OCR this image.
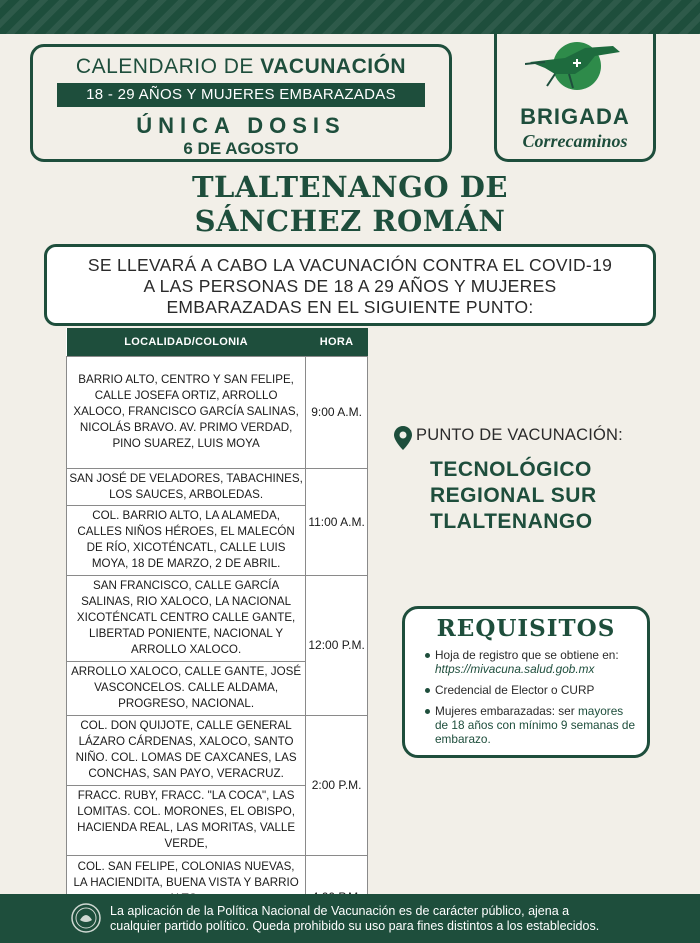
CALENDARIO DE VACUNACIÓN
18 - 29 AÑOS Y MUJERES EMBARAZADAS
ÚNICA DOSIS
6 DE AGOSTO
BRIGADA
Correcaminos
TLALTENANGO DE
SÁNCHEZ ROMÁN
SE LLEVARÁ A CABO LA VACUNACIÓN CONTRA EL COVID-19
A LAS PERSONAS DE 18 A 29 AÑOS Y MUJERES
EMBARAZADAS EN EL SIGUIENTE PUNTO:
LOCALIDAD/COLONIA	HORA
BARRIO ALTO, CENTRO Y SAN FELIPE, CALLE JOSEFA ORTIZ, ARROLLO XALOCO, FRANCISCO GARCÍA SALINAS, NICOLÁS BRAVO. AV. PRIMO VERDAD, PINO SUAREZ, LUIS MOYA	9:00 A.M.
SAN JOSÉ DE VELADORES, TABACHINES, LOS SAUCES, ARBOLEDAS.	11:00 A.M.
COL. BARRIO ALTO, LA ALAMEDA, CALLES NIÑOS HÉROES, EL MALECÓN DE RÍO, XICOTÉNCATL, CALLE LUIS MOYA, 18 DE MARZO, 2 DE ABRIL.	
SAN FRANCISCO, CALLE GARCÍA SALINAS, RIO XALOCO, LA NACIONAL XICOTÉNCATL CENTRO CALLE GANTE, LIBERTAD PONIENTE, NACIONAL Y ARROLLO XALOCO.	12:00 P.M.
ARROLLO XALOCO, CALLE GANTE, JOSÉ VASCONCELOS. CALLE ALDAMA, PROGRESO, NACIONAL.	
COL. DON QUIJOTE, CALLE GENERAL LÁZARO CÁRDENAS, XALOCO, SANTO NIÑO. COL. LOMAS DE CAXCANES, LAS CONCHAS, SAN PAYO, VERACRUZ.	2:00 P.M.
FRACC. RUBY, FRACC. "LA COCA", LAS LOMITAS. COL. MORONES, EL OBISPO, HACIENDA REAL, LAS MORITAS, VALLE VERDE,	
COL. SAN FELIPE, COLONIAS NUEVAS, LA HACIENDITA, BUENA VISTA Y BARRIO	
PUNTO DE VACUNACIÓN:
TECNOLÓGICO
REGIONAL SUR
TLALTENANGO
REQUISITOS
Hoja de registro que se obtiene en: https://mivacuna.salud.gob.mx
Credencial de Elector o CURP
Mujeres embarazadas: ser mayores de 18 años con mínimo 9 semanas de embarazo.
La aplicación de la Política Nacional de Vacunación es de carácter público, ajena a
cualquier partido político. Queda prohibido su uso para fines distintos a los establecidos.
